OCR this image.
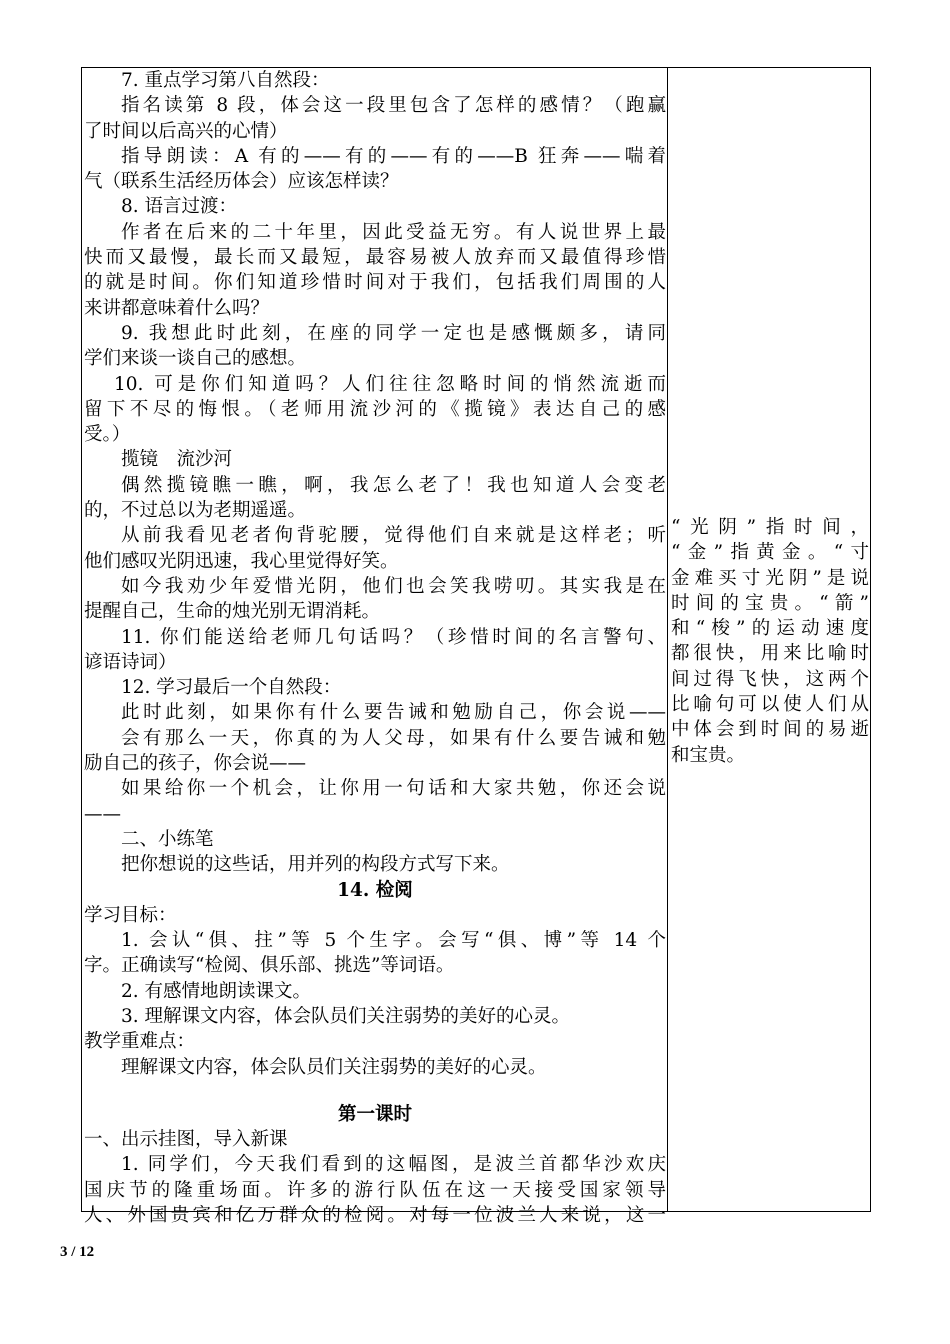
7. 重点学习第八自然段：
指名读第 8 段，体会这一段里包含了怎样的感情？（跑赢
了时间以后高兴的心情）
指导朗读：A 有的——有的——有的——B 狂奔——喘着
气（联系生活经历体会）应该怎样读？
8. 语言过渡：
作者在后来的二十年里，因此受益无穷。有人说世界上最
快而又最慢，最长而又最短，最容易被人放弃而又最值得珍惜
的就是时间。你们知道珍惜时间对于我们，包括我们周围的人
来讲都意味着什么吗？
9. 我想此时此刻，在座的同学一定也是感慨颇多，请同
学们来谈一谈自己的感想。
10. 可是你们知道吗？人们往往忽略时间的悄然流逝而
留下不尽的悔恨。（老师用流沙河的《揽镜》表达自己的感
受。）
揽镜　流沙河
偶然揽镜瞧一瞧，啊，我怎么老了！我也知道人会变老
的，不过总以为老期遥遥。
从前我看见老者佝背驼腰，觉得他们自来就是这样老；听
他们感叹光阴迅速，我心里觉得好笑。
如今我劝少年爱惜光阴，他们也会笑我唠叨。其实我是在
提醒自己，生命的烛光别无谓消耗。
11. 你们能送给老师几句话吗？（珍惜时间的名言警句、
谚语诗词）
12. 学习最后一个自然段：
此时此刻，如果你有什么要告诫和勉励自己，你会说——
会有那么一天，你真的为人父母，如果有什么要告诫和勉
励自己的孩子，你会说——
如果给你一个机会，让你用一句话和大家共勉，你还会说
——
二、小练笔
把你想说的这些话，用并列的构段方式写下来。
14. 检阅
学习目标：
1. 会认“俱、拄”等 5 个生字。会写“俱、博”等 14 个
字。正确读写“检阅、俱乐部、挑选”等词语。
2. 有感情地朗读课文。
3. 理解课文内容，体会队员们关注弱势的美好的心灵。
教学重难点：
理解课文内容，体会队员们关注弱势的美好的心灵。
第一课时
一、出示挂图，导入新课
1. 同学们，今天我们看到的这幅图，是波兰首都华沙欢庆
国庆节的隆重场面。许多的游行队伍在这一天接受国家领导
人、外国贵宾和亿万群众的检阅。对每一位波兰人来说，这一
“光阴”指时间，
“金”指黄金。“寸
金难买寸光阴”是说
时间的宝贵。“箭”
和“梭”的运动速度
都很快，用来比喻时
间过得飞快，这两个
比喻句可以使人们从
中体会到时间的易逝
和宝贵。
3 / 12
